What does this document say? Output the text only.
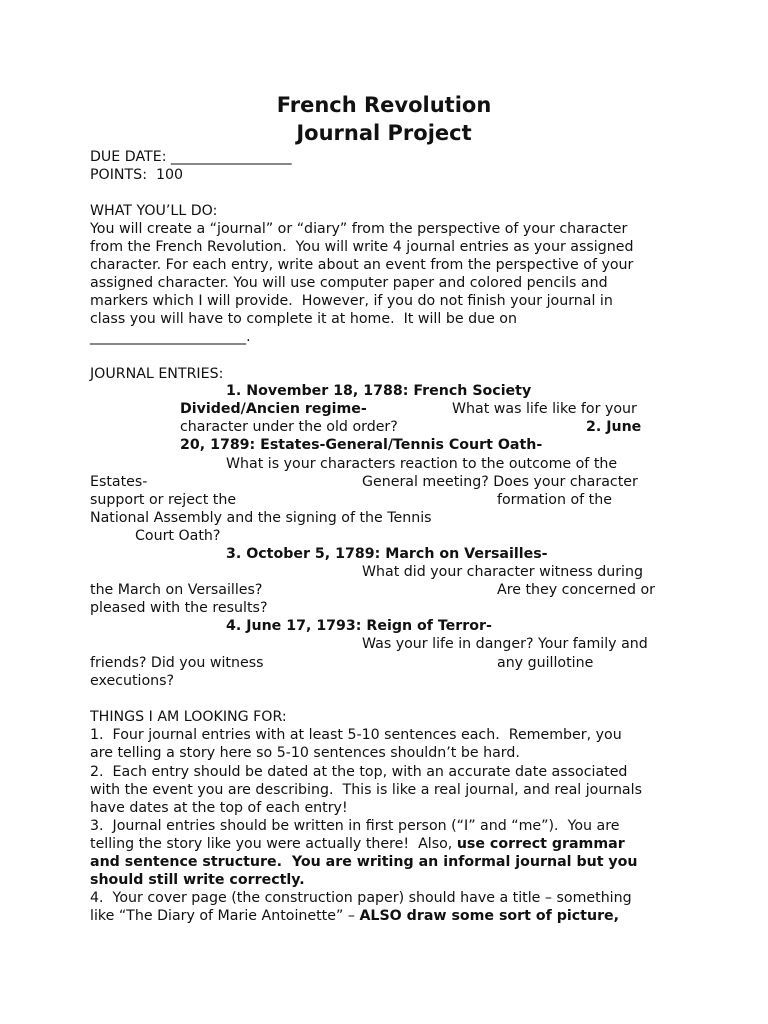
French Revolution
Journal Project
DUE DATE: _________________
POINTS:  100
WHAT YOU’LL DO:
You will create a “journal” or “diary” from the perspective of your character
from the French Revolution.  You will write 4 journal entries as your assigned
character. For each entry, write about an event from the perspective of your
assigned character. You will use computer paper and colored pencils and
markers which I will provide.  However, if you do not finish your journal in
class you will have to complete it at home.  It will be due on
______________________.
JOURNAL ENTRIES:
1. November 18, 1788: French Society
Divided/Ancien regime-	What was life like for your
character under the old order?	2. June
20, 1789: Estates-General/Tennis Court Oath-
What is your characters reaction to the outcome of the
Estates-	General meeting? Does your character
support or reject the	formation of the
National Assembly and the signing of the Tennis
Court Oath?
3. October 5, 1789: March on Versailles-
What did your character witness during
the March on Versailles?	Are they concerned or
pleased with the results?
4. June 17, 1793: Reign of Terror-
Was your life in danger? Your family and
friends? Did you witness	any guillotine
executions?
THINGS I AM LOOKING FOR:
1.  Four journal entries with at least 5-10 sentences each.  Remember, you
are telling a story here so 5-10 sentences shouldn’t be hard.
2.  Each entry should be dated at the top, with an accurate date associated
with the event you are describing.  This is like a real journal, and real journals
have dates at the top of each entry!
3.  Journal entries should be written in first person (“I” and “me”).  You are
telling the story like you were actually there!  Also, use correct grammar
and sentence structure.  You are writing an informal journal but you
should still write correctly.
4.  Your cover page (the construction paper) should have a title – something
like “The Diary of Marie Antoinette” – ALSO draw some sort of picture,
